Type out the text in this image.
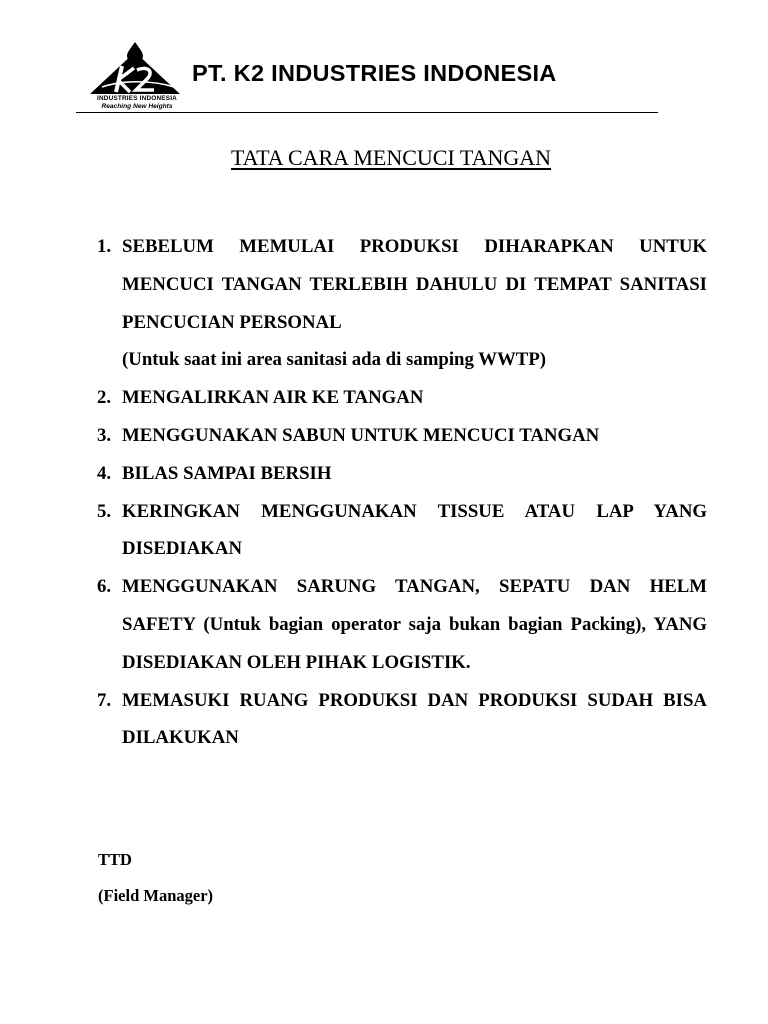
INDUSTRIES INDONESIA
Reaching New Heights
PT. K2 INDUSTRIES INDONESIA
TATA CARA MENCUCI TANGAN
1. SEBELUM MEMULAI PRODUKSI DIHARAPKAN UNTUK MENCUCI TANGAN TERLEBIH DAHULU DI TEMPAT SANITASI PENCUCIAN PERSONAL
(Untuk saat ini area sanitasi ada di samping WWTP)
2. MENGALIRKAN AIR KE TANGAN
3. MENGGUNAKAN SABUN UNTUK MENCUCI TANGAN
4. BILAS SAMPAI BERSIH
5. KERINGKAN MENGGUNAKAN TISSUE ATAU LAP YANG DISEDIAKAN
6. MENGGUNAKAN SARUNG TANGAN, SEPATU DAN HELM SAFETY (Untuk bagian operator saja bukan bagian Packing), YANG DISEDIAKAN OLEH PIHAK LOGISTIK.
7. MEMASUKI RUANG PRODUKSI DAN PRODUKSI SUDAH BISA DILAKUKAN
TTD
(Field Manager)
